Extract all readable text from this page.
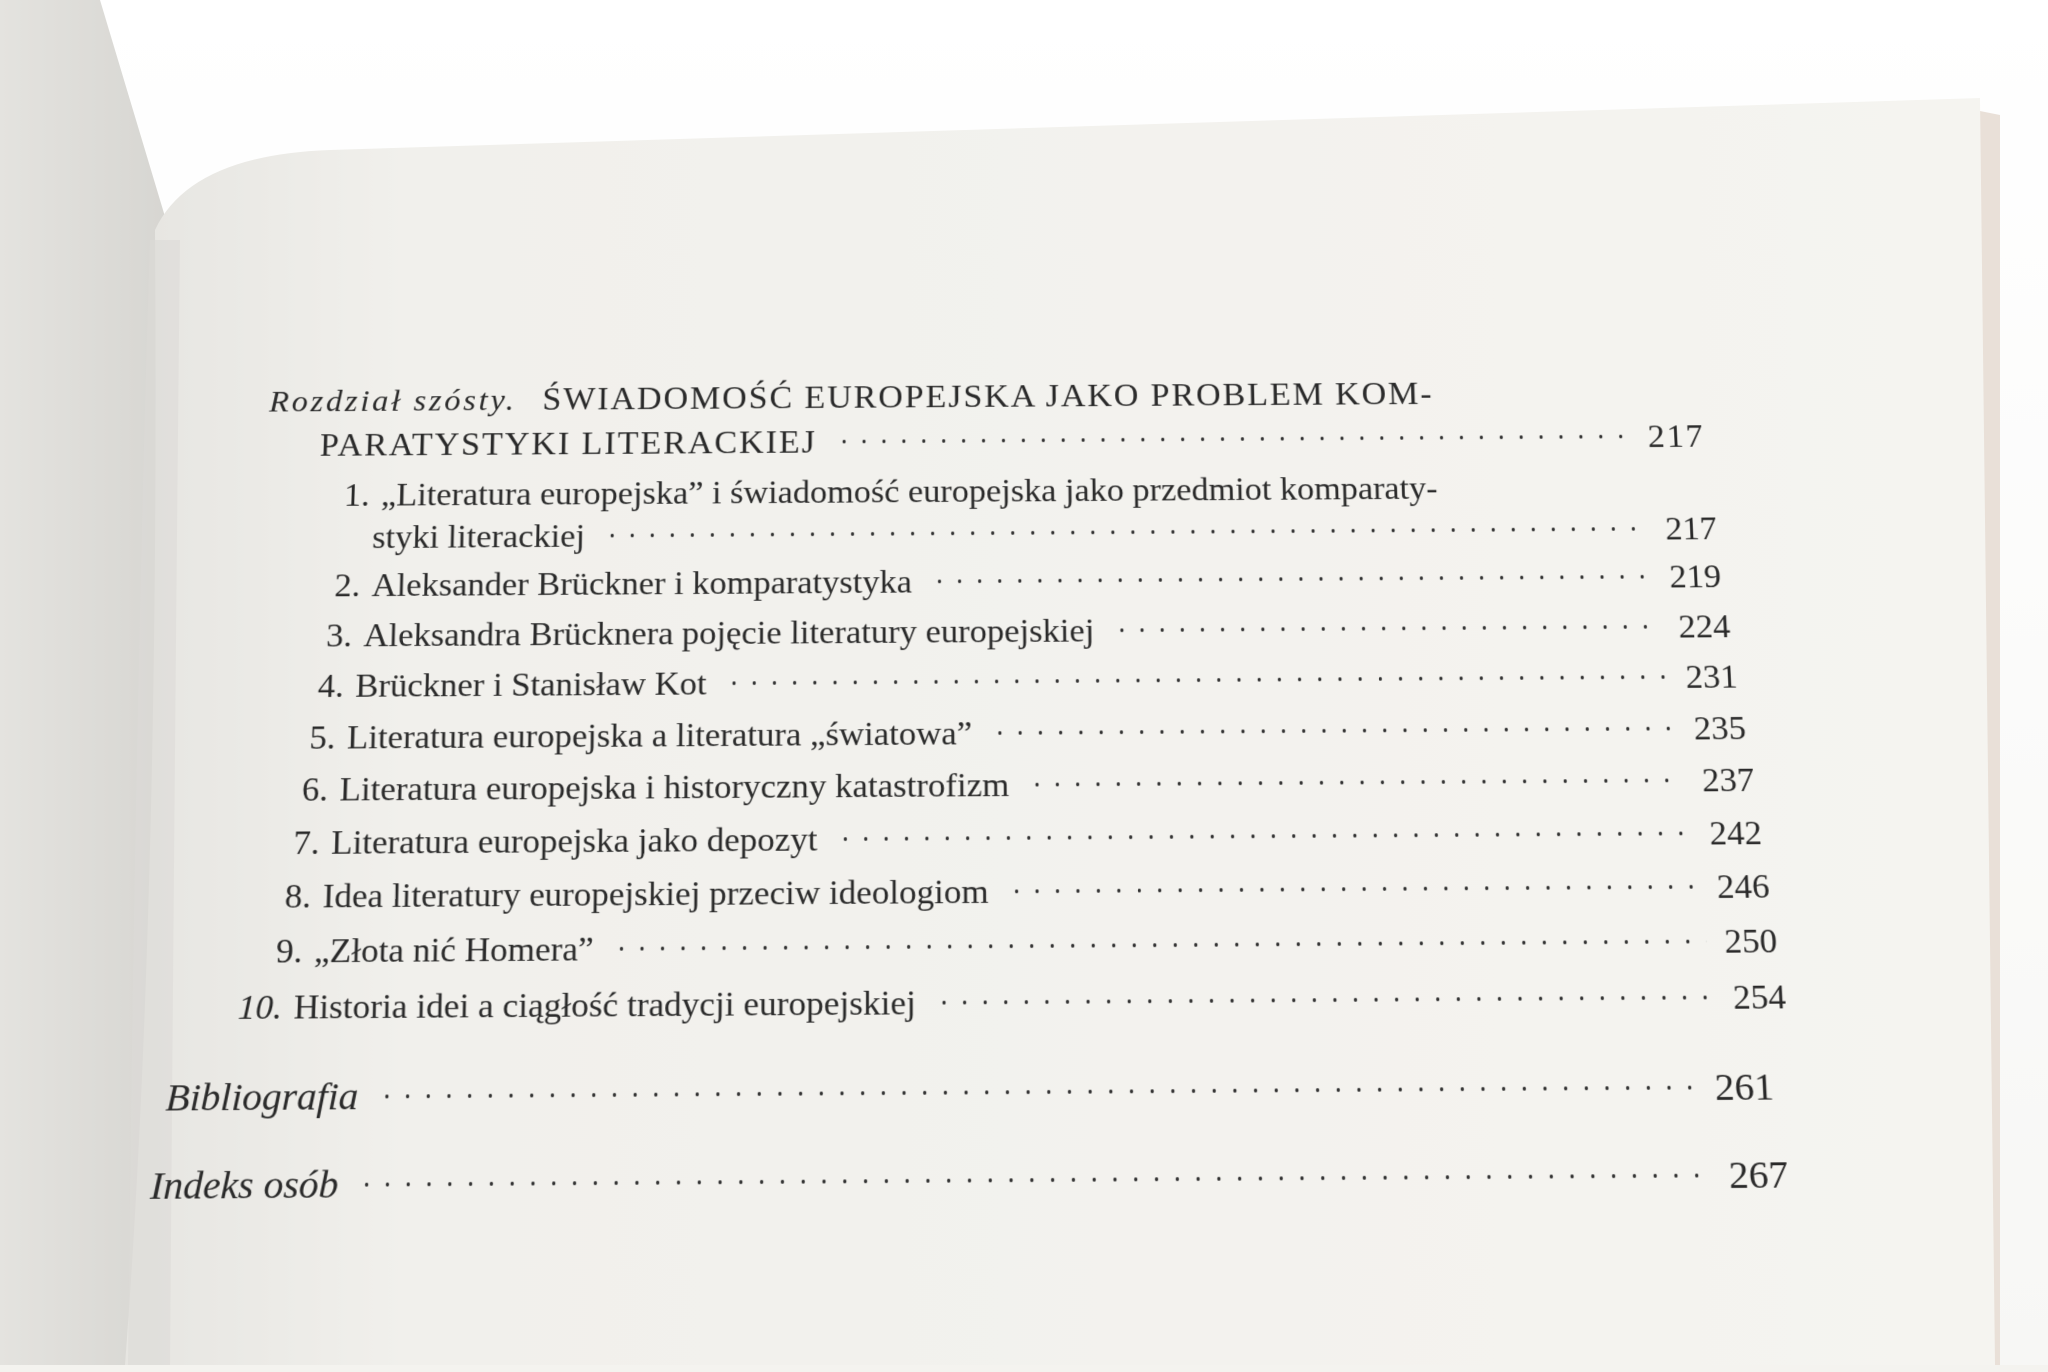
Rozdział szósty. ŚWIADOMOŚĆ EUROPEJSKA JAKO PROBLEM KOM-
PARATYSTYKI LITERACKIEJ	217
1. „Literatura europejska” i świadomość europejska jako przedmiot komparaty-
styki literackiej	217
2. Aleksander Brückner i komparatystyka	219
3. Aleksandra Brücknera pojęcie literatury europejskiej	224
4. Brückner i Stanisław Kot	231
5. Literatura europejska a literatura „światowa”	235
6. Literatura europejska i historyczny katastrofizm	237
7. Literatura europejska jako depozyt	242
8. Idea literatury europejskiej przeciw ideologiom	246
9. „Złota nić Homera”	250
10. Historia idei a ciągłość tradycji europejskiej	254
Bibliografia	261
Indeks osób	267
